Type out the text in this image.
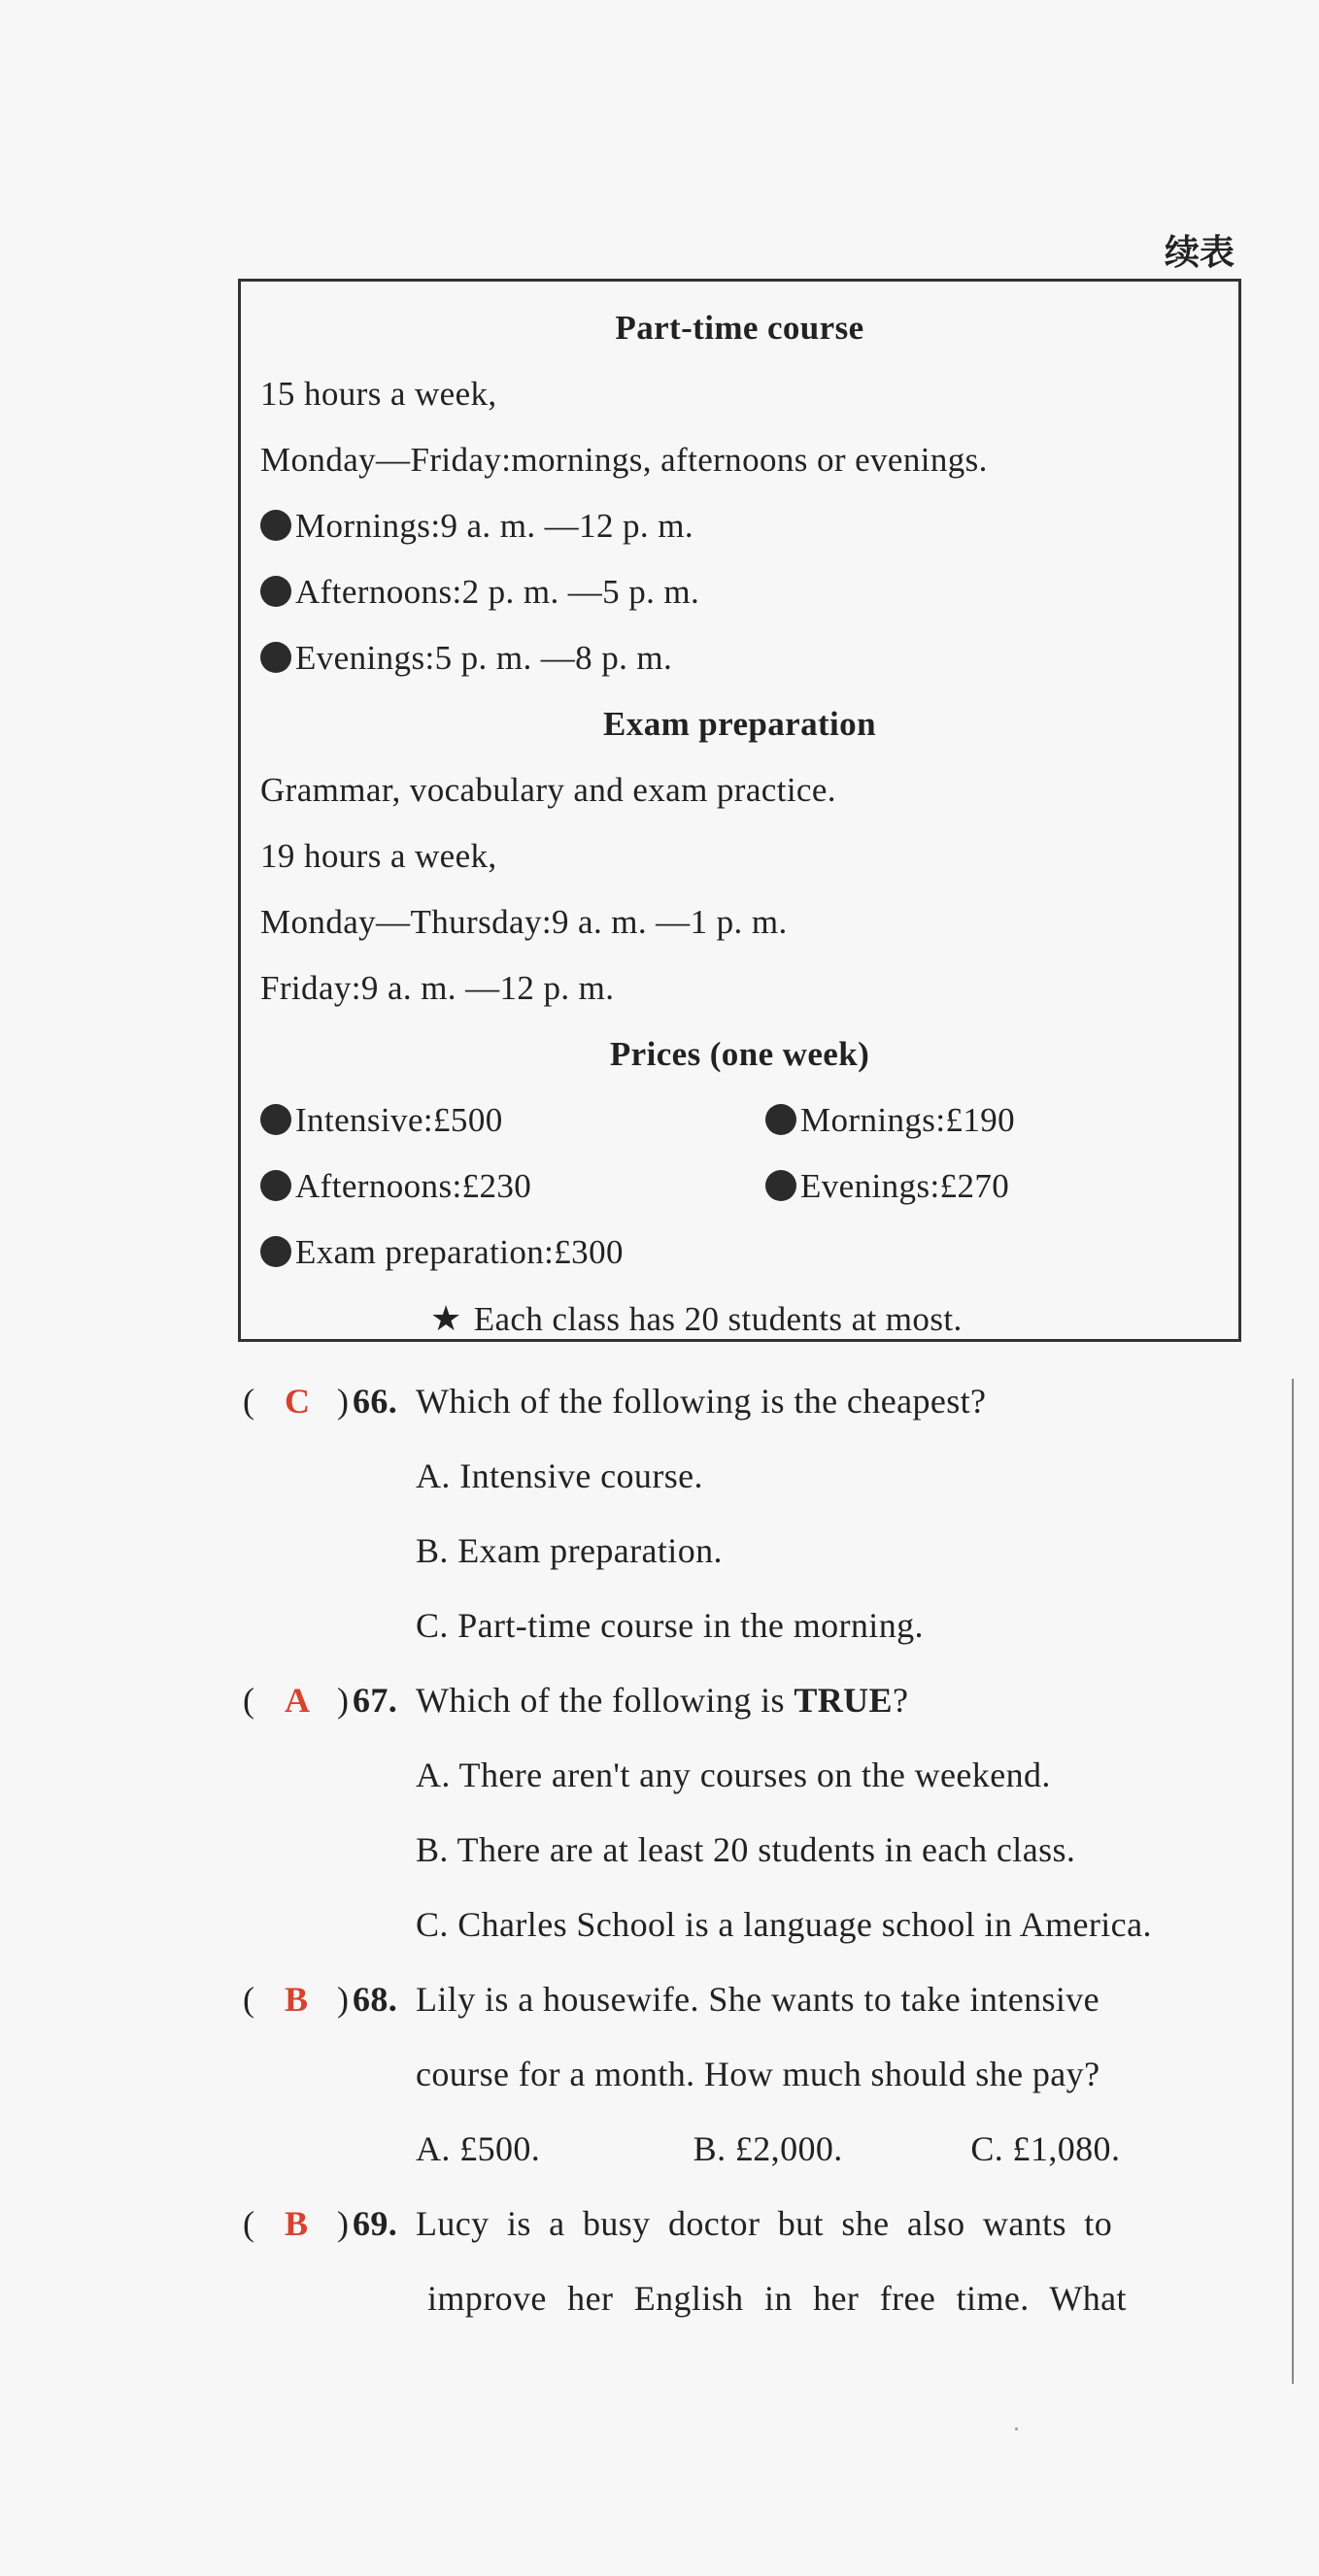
续表
Part-time course
15 hours a week,
Monday—Friday:mornings, afternoons or evenings.
Mornings:9 a. m. —12 p. m.
Afternoons:2 p. m. —5 p. m.
Evenings:5 p. m. —8 p. m.
Exam preparation
Grammar, vocabulary and exam practice.
19 hours a week,
Monday—Thursday:9 a. m. —1 p. m.
Friday:9 a. m. —12 p. m.
Prices (one week)
Intensive:£500	Mornings:£190
Afternoons:£230	Evenings:£270
Exam preparation:£300
★ Each class has 20 students at most.
( C ) 66. Which of the following is the cheapest?
A. Intensive course.
B. Exam preparation.
C. Part-time course in the morning.
( A ) 67. Which of the following is TRUE?
A. There aren't any courses on the weekend.
B. There are at least 20 students in each class.
C. Charles School is a language school in America.
( B ) 68. Lily is a housewife. She wants to take intensive
course for a month. How much should she pay?
A. £500.	B. £2,000.	C. £1,080.
( B ) 69. Lucy is a busy doctor but she also wants to
improve her English in her free time. What
